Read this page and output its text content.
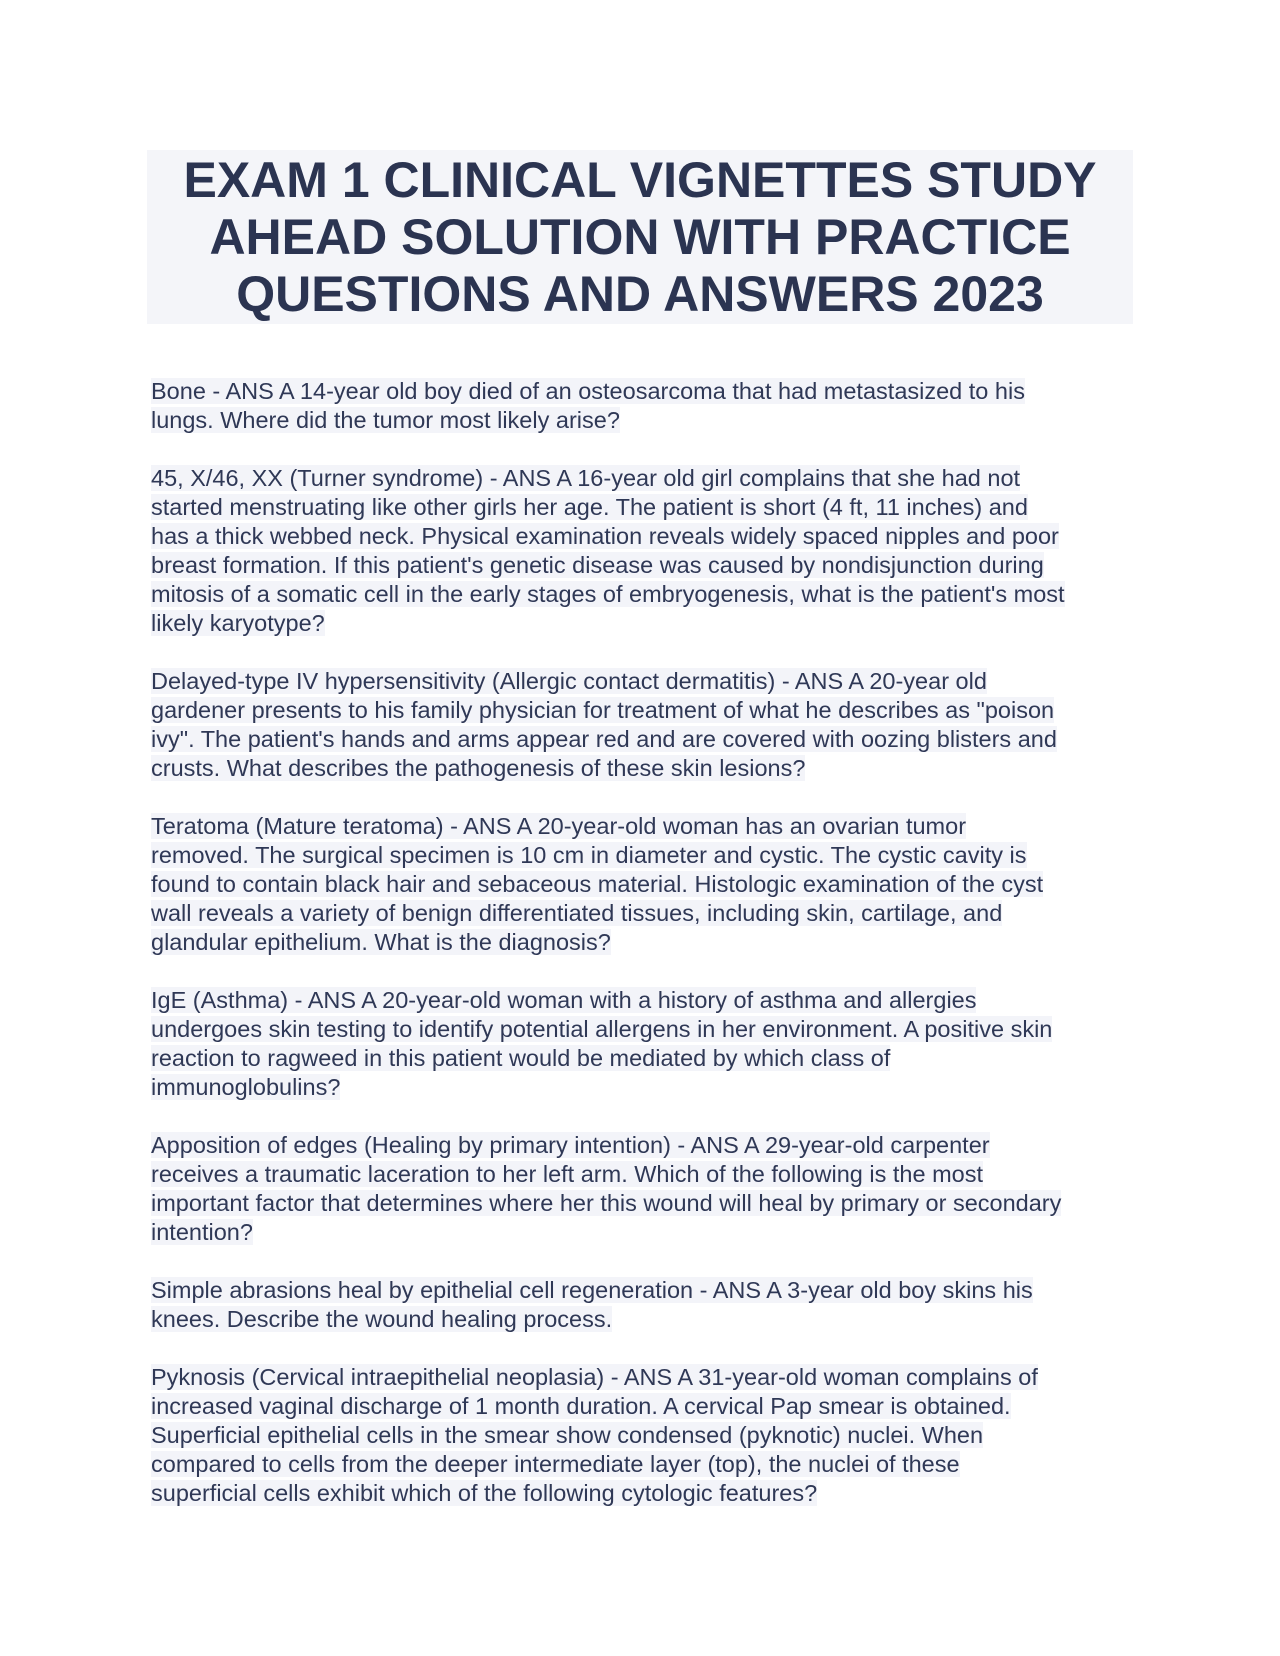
EXAM 1 CLINICAL VIGNETTES STUDY
AHEAD SOLUTION WITH PRACTICE
QUESTIONS AND ANSWERS 2023

Bone - ANS A 14-year old boy died of an osteosarcoma that had metastasized to his
lungs. Where did the tumor most likely arise?

45, X/46, XX (Turner syndrome) - ANS A 16-year old girl complains that she had not
started menstruating like other girls her age. The patient is short (4 ft, 11 inches) and
has a thick webbed neck. Physical examination reveals widely spaced nipples and poor
breast formation. If this patient's genetic disease was caused by nondisjunction during
mitosis of a somatic cell in the early stages of embryogenesis, what is the patient's most
likely karyotype?

Delayed-type IV hypersensitivity (Allergic contact dermatitis) - ANS A 20-year old
gardener presents to his family physician for treatment of what he describes as "poison
ivy". The patient's hands and arms appear red and are covered with oozing blisters and
crusts. What describes the pathogenesis of these skin lesions?

Teratoma (Mature teratoma) - ANS A 20-year-old woman has an ovarian tumor
removed. The surgical specimen is 10 cm in diameter and cystic. The cystic cavity is
found to contain black hair and sebaceous material. Histologic examination of the cyst
wall reveals a variety of benign differentiated tissues, including skin, cartilage, and
glandular epithelium. What is the diagnosis?

IgE (Asthma) - ANS A 20-year-old woman with a history of asthma and allergies
undergoes skin testing to identify potential allergens in her environment. A positive skin
reaction to ragweed in this patient would be mediated by which class of
immunoglobulins?

Apposition of edges (Healing by primary intention) - ANS A 29-year-old carpenter
receives a traumatic laceration to her left arm. Which of the following is the most
important factor that determines where her this wound will heal by primary or secondary
intention?

Simple abrasions heal by epithelial cell regeneration - ANS A 3-year old boy skins his
knees. Describe the wound healing process.

Pyknosis (Cervical intraepithelial neoplasia) - ANS A 31-year-old woman complains of
increased vaginal discharge of 1 month duration. A cervical Pap smear is obtained.
Superficial epithelial cells in the smear show condensed (pyknotic) nuclei. When
compared to cells from the deeper intermediate layer (top), the nuclei of these
superficial cells exhibit which of the following cytologic features?
